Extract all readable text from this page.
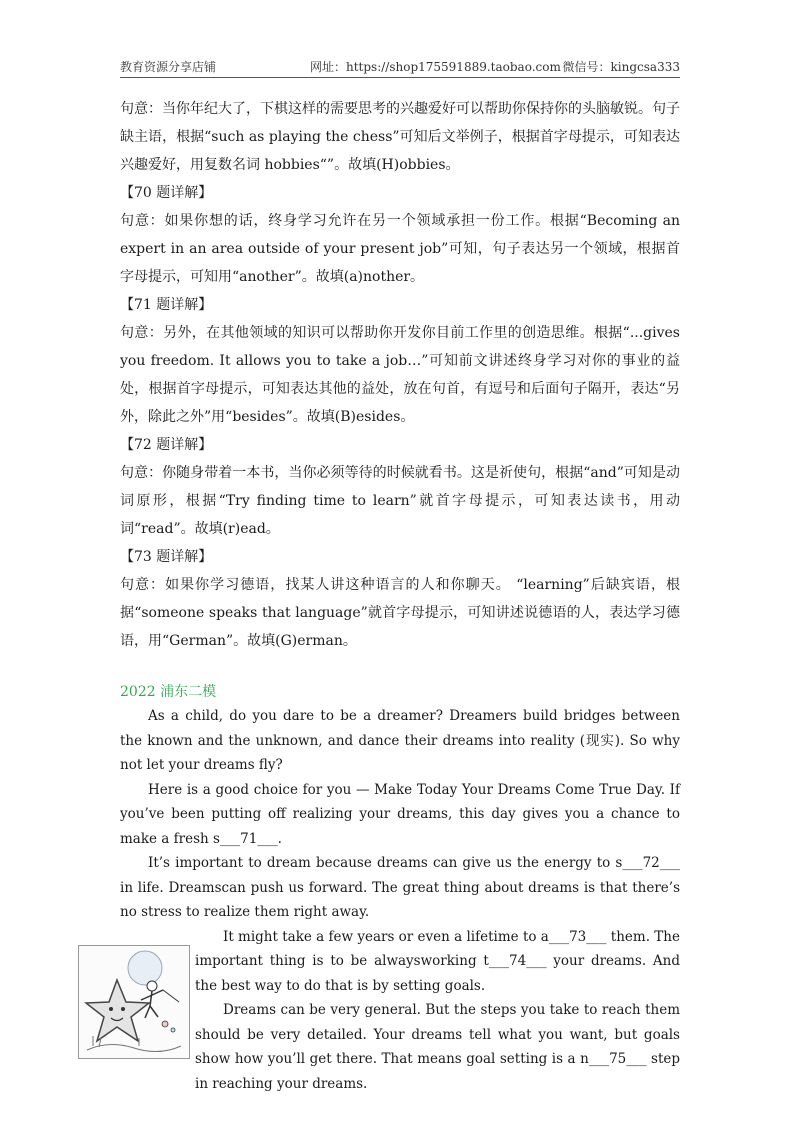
教育资源分享店铺	网址：https://shop175591889.taobao.com 微信号：kingcsa333
句意：当你年纪大了，下棋这样的需要思考的兴趣爱好可以帮助你保持你的头脑敏锐。句子缺主语，根据“such as playing the chess”可知后文举例子，根据首字母提示，可知表达兴趣爱好，用复数名词 hobbies“”。故填(H)obbies。
【70 题详解】
句意：如果你想的话，终身学习允许在另一个领域承担一份工作。根据“Becoming an expert in an area outside of your present job”可知，句子表达另一个领域，根据首字母提示，可知用“another”。故填(a)nother。
【71 题详解】
句意：另外，在其他领域的知识可以帮助你开发你目前工作里的创造思维。根据“...gives you freedom. It allows you to take a job…”可知前文讲述终身学习对你的事业的益处，根据首字母提示，可知表达其他的益处，放在句首，有逗号和后面句子隔开，表达“另外，除此之外”用“besides”。故填(B)esides。
【72 题详解】
句意：你随身带着一本书，当你必须等待的时候就看书。这是祈使句，根据“and”可知是动词原形，根据“Try finding time to learn”就首字母提示，可知表达读书，用动词“read”。故填(r)ead。
【73 题详解】
句意：如果你学习德语，找某人讲这种语言的人和你聊天。 “learning”后缺宾语，根据“someone speaks that language”就首字母提示，可知讲述说德语的人，表达学习德语，用“German”。故填(G)erman。
2022 浦东二模

As a child, do you dare to be a dreamer? Dreamers build bridges between the known and the unknown, and dance their dreams into reality (现实). So why not let your dreams fly?

Here is a good choice for you — Make Today Your Dreams Come True Day. If you’ve been putting off realizing your dreams, this day gives you a chance to make a fresh s___71___.

It’s important to dream because dreams can give us the energy to s___72___ in life. Dreamscan push us forward. The great thing about dreams is that there’s no stress to realize them right away.

It might take a few years or even a lifetime to a___73___ them. The important thing is to be alwaysworking t___74___ your dreams. And the best way to do that is by setting goals.

Dreams can be very general. But the steps you take to reach them should be very detailed. Your dreams tell what you want, but goals show how you’ll get there. That means goal setting is a n___75___ step in reaching your dreams.
